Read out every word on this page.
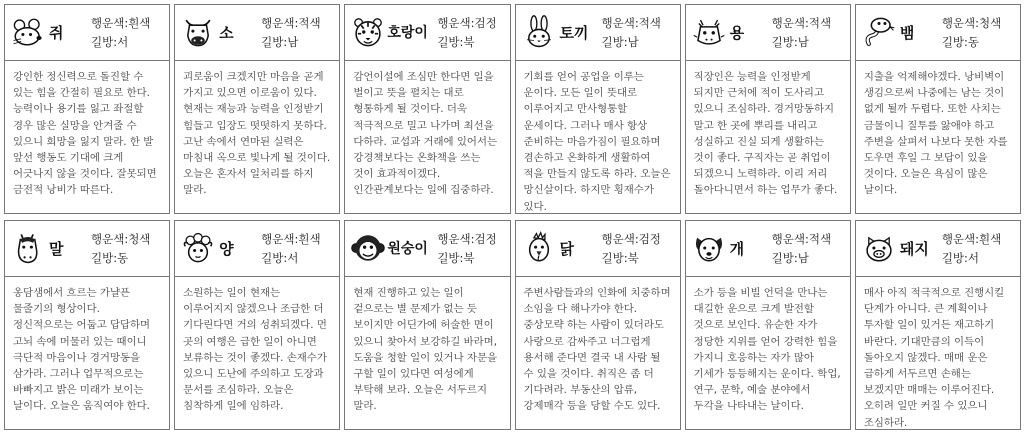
쥐
행운색:흰색
길방:서
강인한 정신력으로 돌진할 수 있는 힘을 간절히 필요로 한다. 능력이나 용기를 잃고 좌절할 경우 많은 실망을 안겨줄 수 있으니 희망을 잃지 말라. 한 발 앞선 행동도 기대에 크게 어긋나지 않을 것이다. 잘못되면 금전적 낭비가 따른다.
소
행운색:적색
길방:남
괴로움이 크겠지만 마음을 곧게 가지고 있으면 이로움이 있다. 현재는 재능과 능력을 인정받기 힘들고 입장도 떳떳하지 못하다. 고난 속에서 연마된 실력은 마침내 옥으로 빛나게 될 것이다. 오늘은 혼자서 일처리를 하지 말라.
호랑이
행운색:검정
길방:북
감언이설에 조심만 한다면 일을 벌이고 뜻을 펼치는 대로 형통하게 될 것이다. 더욱 적극적으로 밀고 나가며 최선을 다하라. 교섭과 거래에 있어서는 강경책보다는 온화책을 쓰는 것이 효과적이겠다. 인간관계보다는 일에 집중하라.
토끼
행운색:적색
길방:남
기회를 얻어 공업을 이루는 운이다. 모든 일이 뜻대로 이루어지고 만사형통할 운세이다. 그러나 매사 항상 준비하는 마음가짐이 필요하며 겸손하고 온화하게 생활하여 적을 만들지 않도록 하라. 오늘은 망신살이다. 하지만 횡재수가 있다.
용
행운색:적색
길방:남
직장인은 능력을 인정받게 되지만 근처에 적이 도사리고 있으니 조심하라. 경거망동하지 말고 한 곳에 뿌리를 내리고 성실하고 진실 되게 생활하는 것이 좋다. 구직자는 곧 취업이 되겠으니 노력하라. 이리 저리 돌아다니면서 하는 업무가 좋다.
뱀
행운색:청색
길방:동
지출을 억제해야겠다. 낭비벽이 생김으로써 나중에는 남는 것이 없게 될까 두렵다. 또한 사치는 금물이니 질투를 앓애야 하고 주변을 살펴서 나보다 못한 자를 도우면 후일 그 보답이 있을 것이다. 오늘은 욕심이 많은 날이다.
말
행운색:청색
길방:동
옹담샘에서 흐르는 가냘픈 물줄기의 형상이다. 정신적으로는 어둡고 답답하며 고뇌 속에 머물러 있는 때이니 극단적 마음이나 경거망동을 삼가라. 그러나 업무적으로는 바빠지고 밝은 미래가 보이는 날이다. 오늘은 움직여야 한다.
양
행운색:흰색
길방:서
소원하는 일이 현재는 이루어지지 않겠으나 조급한 더 기다린다면 거의 성취되겠다. 먼 곳의 여행은 급한 일이 아니면 보류하는 것이 좋겠다. 손재수가 있으니 도난에 주의하고 도장과 문서를 조심하라. 오늘은 침착하게 일에 임하라.
원숭이
행운색:검정
길방:북
현재 진행하고 있는 일이 겉으로는 별 문제가 없는 듯 보이지만 어딘가에 허술한 면이 있으니 찾아서 보강하길 바라며, 도움을 청할 일이 있거나 자문을 구할 일이 있다면 여성에게 부탁해 보라. 오늘은 서두르지 말라.
닭
행운색:검정
길방:북
주변사람들과의 인화에 치중하며 소임을 다 해나가야 한다. 중상모략 하는 사람이 있더라도 사랑으로 감싸주고 너그럽게 용서해 준다면 결국 내 사람 될 수 있을 것이다. 취직은 좀 더 기다려라. 부동산의 압류, 강제매각 등을 당할 수도 있다.
개
행운색:적색
길방:남
소가 등을 비빌 언덕을 만나는 대길한 운으로 크게 발전할 것으로 보인다. 유순한 자가 정당한 지위를 얻어 강력한 힘을 가지니 호응하는 자가 많아 기세가 등등해지는 운이다. 학업, 연구, 문학, 예술 분야에서 두각을 나타내는 날이다.
돼지
행운색:흰색
길방:서
매사 아직 적극적으로 진행시킬 단계가 아니다. 큰 계획이나 투자할 일이 있거든 재고하기 바란다. 기대만큼의 이득이 돌아오지 않겠다. 매매 운은 급하게 서두르면 손해는 보겠지만 매매는 이루어진다. 오히려 일만 커질 수 있으니 조심하라.
